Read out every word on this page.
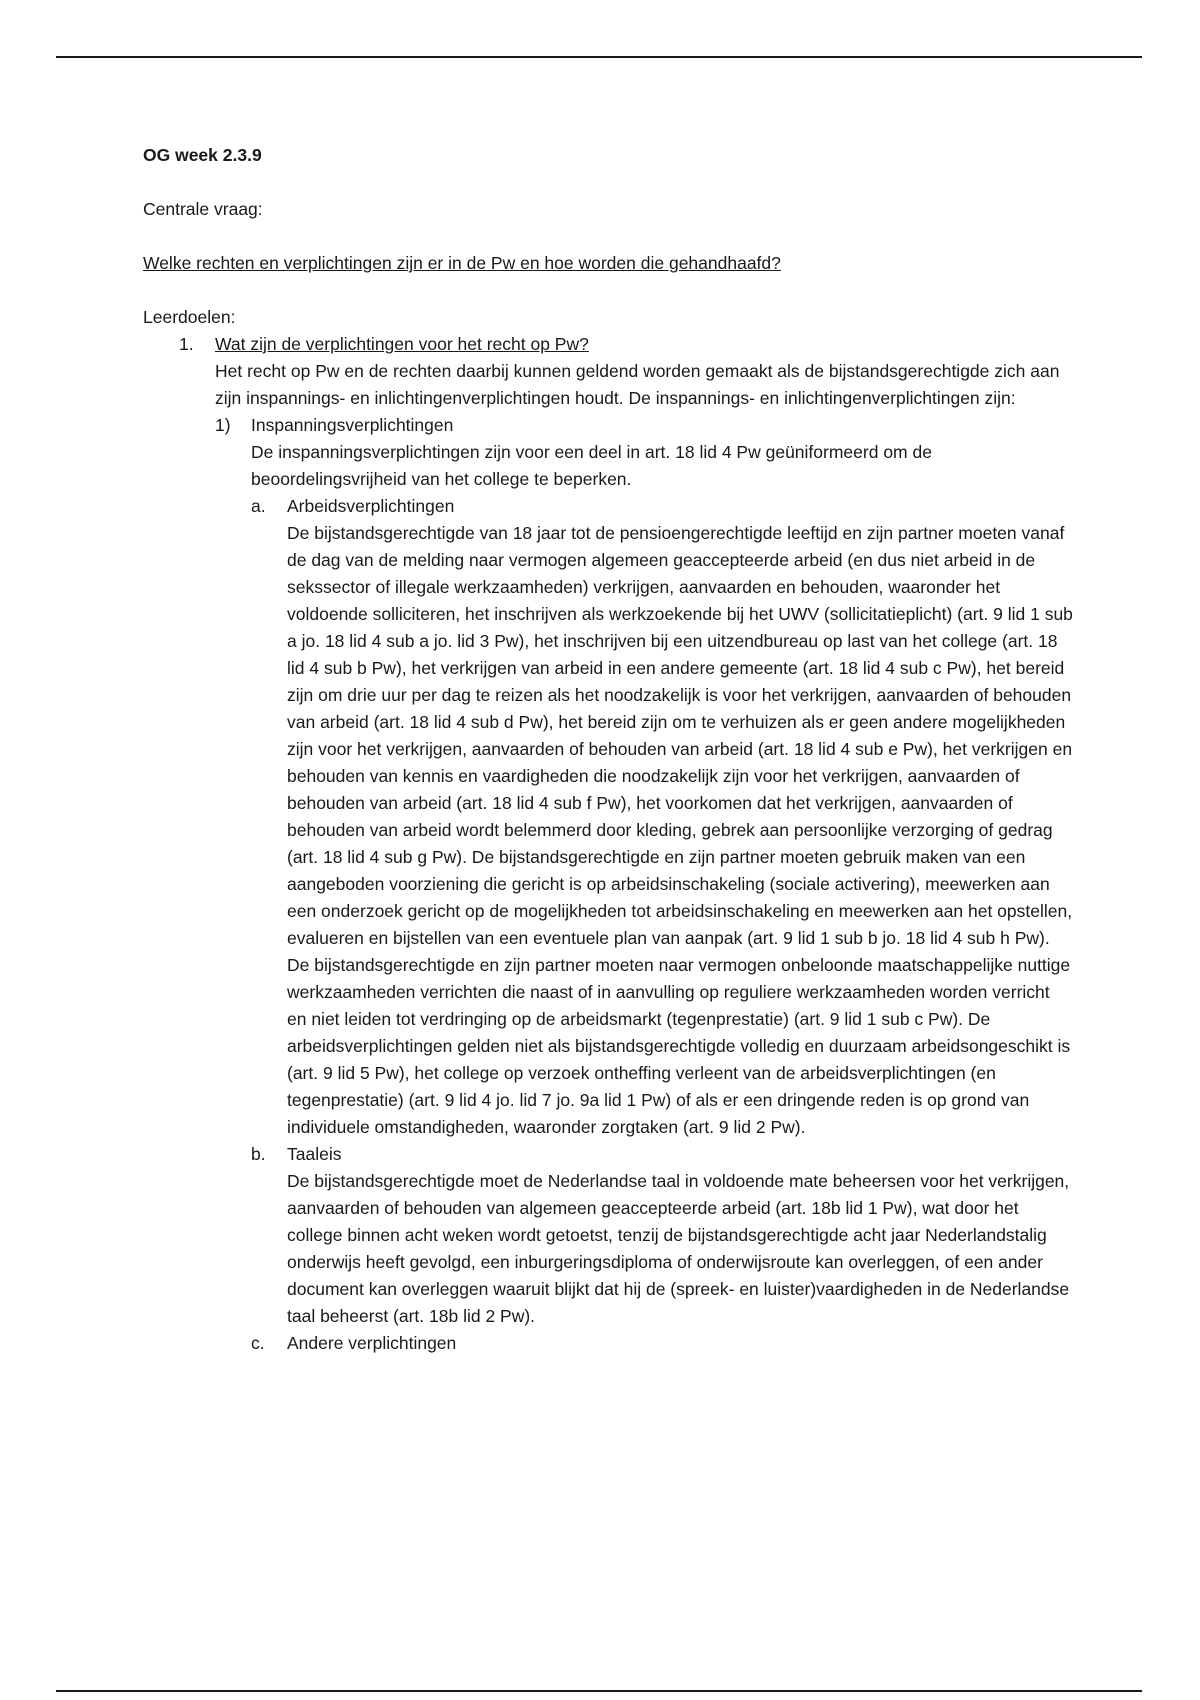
OG week 2.3.9

Centrale vraag:

Welke rechten en verplichtingen zijn er in de Pw en hoe worden die gehandhaafd?

Leerdoelen:

1.	Wat zijn de verplichtingen voor het recht op Pw?

Het recht op Pw en de rechten daarbij kunnen geldend worden gemaakt als de bijstandsgerechtigde zich aan zijn inspannings- en inlichtingenverplichtingen houdt. De inspannings- en inlichtingenverplichtingen zijn:

1)	Inspanningsverplichtingen

De inspanningsverplichtingen zijn voor een deel in art. 18 lid 4 Pw geüniformeerd om de beoordelingsvrijheid van het college te beperken.

a.	Arbeidsverplichtingen

De bijstandsgerechtigde van 18 jaar tot de pensioengerechtigde leeftijd en zijn partner moeten vanaf de dag van de melding naar vermogen algemeen geaccepteerde arbeid (en dus niet arbeid in de sekssector of illegale werkzaamheden) verkrijgen, aanvaarden en behouden, waaronder het voldoende solliciteren, het inschrijven als werkzoekende bij het UWV (sollicitatieplicht) (art. 9 lid 1 sub a jo. 18 lid 4 sub a jo. lid 3 Pw), het inschrijven bij een uitzendbureau op last van het college (art. 18 lid 4 sub b Pw), het verkrijgen van arbeid in een andere gemeente (art. 18 lid 4 sub c Pw), het bereid zijn om drie uur per dag te reizen als het noodzakelijk is voor het verkrijgen, aanvaarden of behouden van arbeid (art. 18 lid 4 sub d Pw), het bereid zijn om te verhuizen als er geen andere mogelijkheden zijn voor het verkrijgen, aanvaarden of behouden van arbeid (art. 18 lid 4 sub e Pw), het verkrijgen en behouden van kennis en vaardigheden die noodzakelijk zijn voor het verkrijgen, aanvaarden of behouden van arbeid (art. 18 lid 4 sub f Pw), het voorkomen dat het verkrijgen, aanvaarden of behouden van arbeid wordt belemmerd door kleding, gebrek aan persoonlijke verzorging of gedrag (art. 18 lid 4 sub g Pw). De bijstandsgerechtigde en zijn partner moeten gebruik maken van een aangeboden voorziening die gericht is op arbeidsinschakeling (sociale activering), meewerken aan een onderzoek gericht op de mogelijkheden tot arbeidsinschakeling en meewerken aan het opstellen, evalueren en bijstellen van een eventuele plan van aanpak (art. 9 lid 1 sub b jo. 18 lid 4 sub h Pw). De bijstandsgerechtigde en zijn partner moeten naar vermogen onbeloonde maatschappelijke nuttige werkzaamheden verrichten die naast of in aanvulling op reguliere werkzaamheden worden verricht en niet leiden tot verdringing op de arbeidsmarkt (tegenprestatie) (art. 9 lid 1 sub c Pw). De arbeidsverplichtingen gelden niet als bijstandsgerechtigde volledig en duurzaam arbeidsongeschikt is (art. 9 lid 5 Pw), het college op verzoek ontheffing verleent van de arbeidsverplichtingen (en tegenprestatie) (art. 9 lid 4 jo. lid 7 jo. 9a lid 1 Pw) of als er een dringende reden is op grond van individuele omstandigheden, waaronder zorgtaken (art. 9 lid 2 Pw).

b.	Taaleis

De bijstandsgerechtigde moet de Nederlandse taal in voldoende mate beheersen voor het verkrijgen, aanvaarden of behouden van algemeen geaccepteerde arbeid (art. 18b lid 1 Pw), wat door het college binnen acht weken wordt getoetst, tenzij de bijstandsgerechtigde acht jaar Nederlandstalig onderwijs heeft gevolgd, een inburgeringsdiploma of onderwijsroute kan overleggen, of een ander document kan overleggen waaruit blijkt dat hij de (spreek- en luister)vaardigheden in de Nederlandse taal beheerst (art. 18b lid 2 Pw).

c.	Andere verplichtingen
